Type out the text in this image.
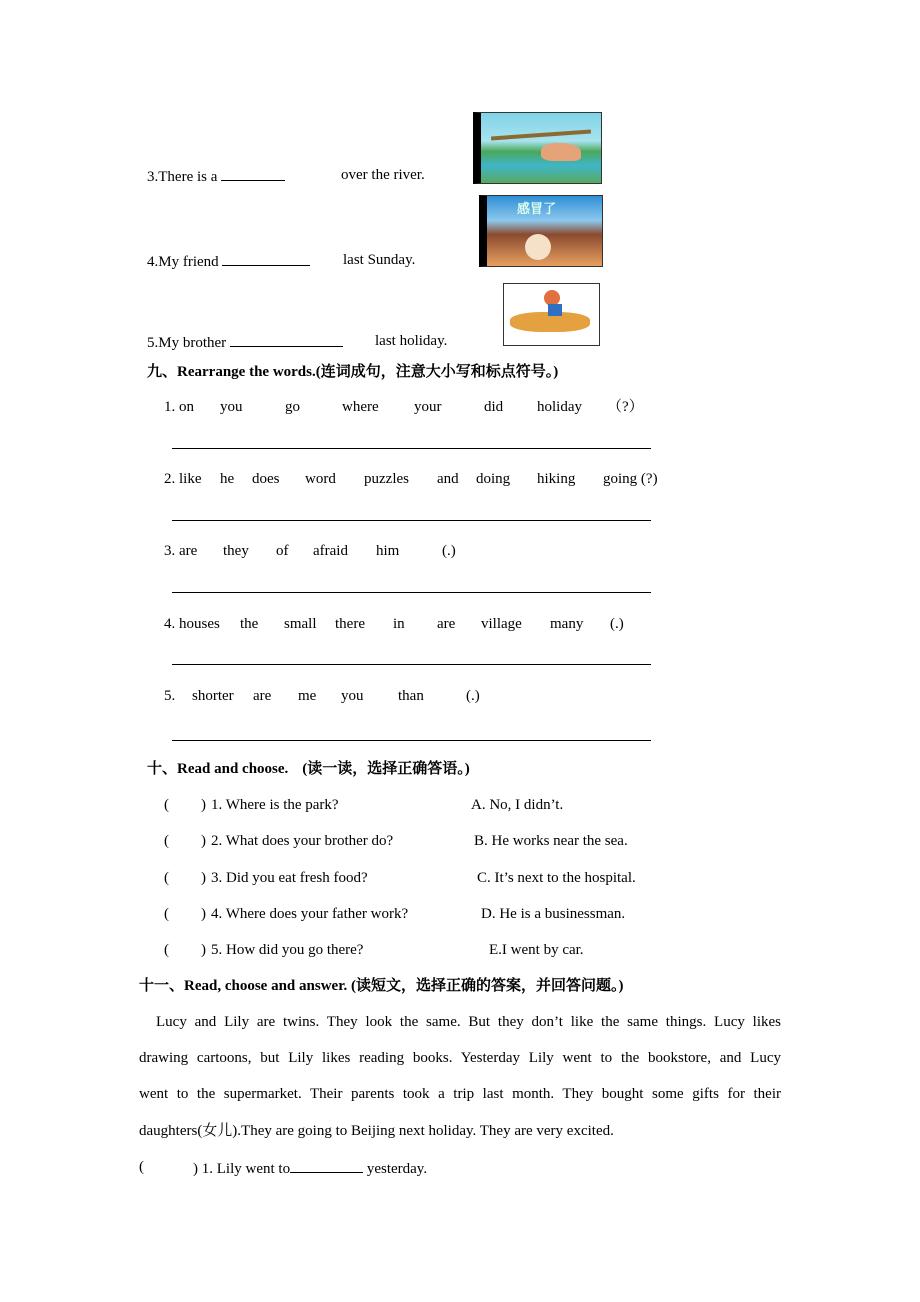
3.There is a	over the river.
4.My friend	last Sunday.
感冒了
5.My brother	last holiday.
九、Rearrange the words.(连词成句，注意大小写和标点符号。)
1. on you	go	where your	did holiday （?）
2. like he does word puzzles and doing hiking going (?)
3. are they of afraid him	(.)
4. houses the small there in are village many (.)
5. shorter are me you than	(.)
十、Read and choose. (读一读，选择正确答语。)
( ) 1. Where is the park?	A. No, I didn’t.
( ) 2. What does your brother do?	B. He works near the sea.
( ) 3. Did you eat fresh food?	C. It’s next to the hospital.
( ) 4. Where does your father work?	D. He is a businessman.
( ) 5. How did you go there?	E.I went by car.
十一、Read, choose and answer. (读短文，选择正确的答案，并回答问题。)
Lucy and Lily are twins. They look the same. But they don’t like the same things. Lucy likes
drawing cartoons, but Lily likes reading books. Yesterday Lily went to the bookstore, and Lucy
went to the supermarket. Their parents took a trip last month. They bought some gifts for their
daughters(女儿).They are going to Beijing next holiday. They are very excited.
(	) 1. Lily went to	yesterday.
